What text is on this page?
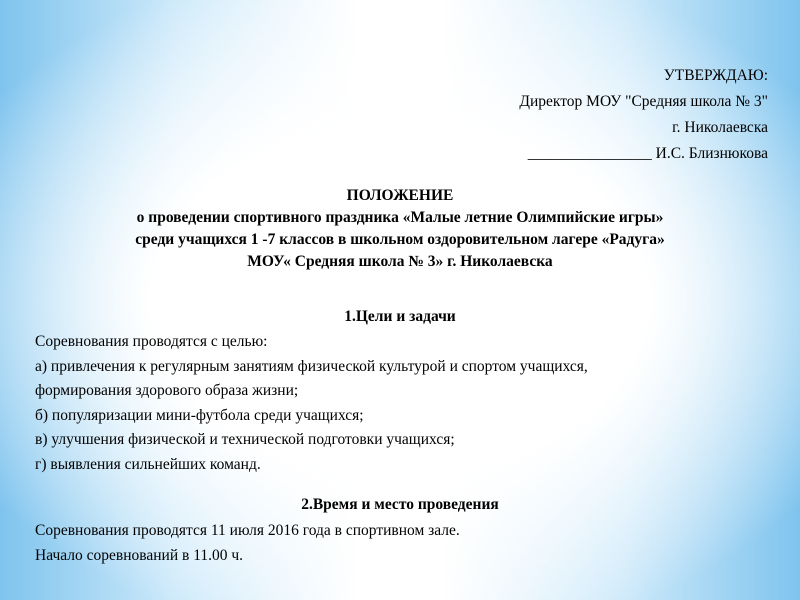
УТВЕРЖДАЮ:
Директор МОУ "Средняя школа № 3"
г. Николаевска
________________ И.С. Близнюкова
ПОЛОЖЕНИЕ
о проведении спортивного праздника «Малые летние Олимпийские игры»
среди учащихся 1 -7 классов в школьном оздоровительном лагере «Радуга»
МОУ« Средняя школа № 3» г. Николаевска
1.Цели и задачи
Соревнования проводятся с целью:
а) привлечения к регулярным занятиям физической культурой и спортом учащихся,
формирования здорового образа жизни;
б) популяризации мини-футбола среди учащихся;
в) улучшения физической и технической подготовки учащихся;
г) выявления сильнейших команд.
2.Время и место проведения
Соревнования проводятся 11 июля 2016 года в спортивном зале.
Начало соревнований в 11.00 ч.
